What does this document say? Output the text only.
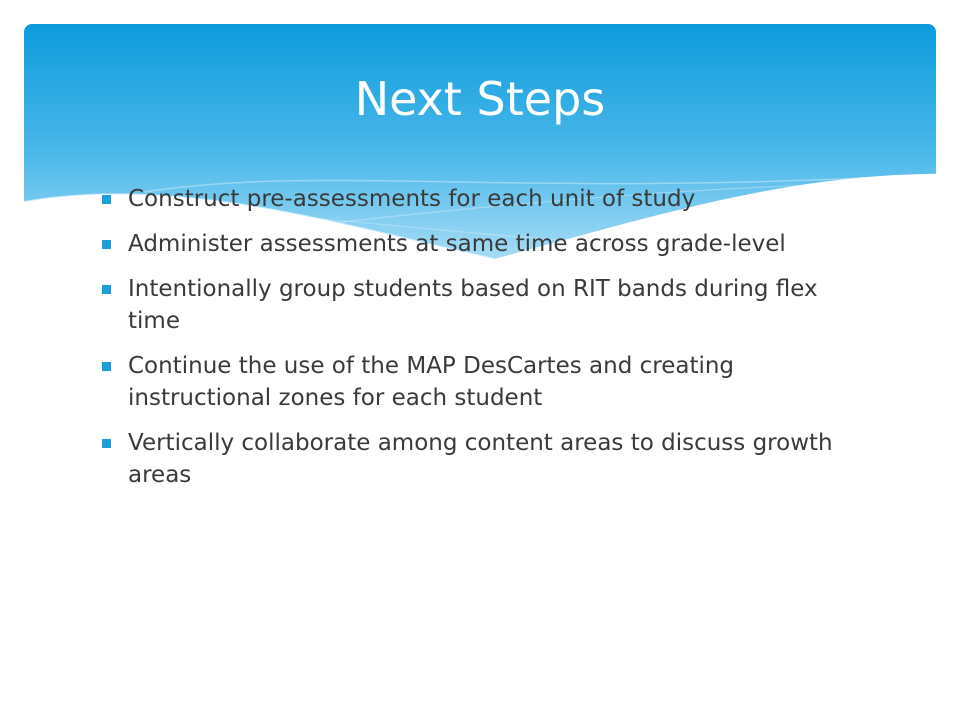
Next Steps
Construct pre-assessments for each unit of study
Administer assessments at same time across grade-level
Intentionally group students based on RIT bands during flex time
Continue the use of the MAP DesCartes and creating instructional zones for each student
Vertically collaborate among content areas to discuss growth areas
